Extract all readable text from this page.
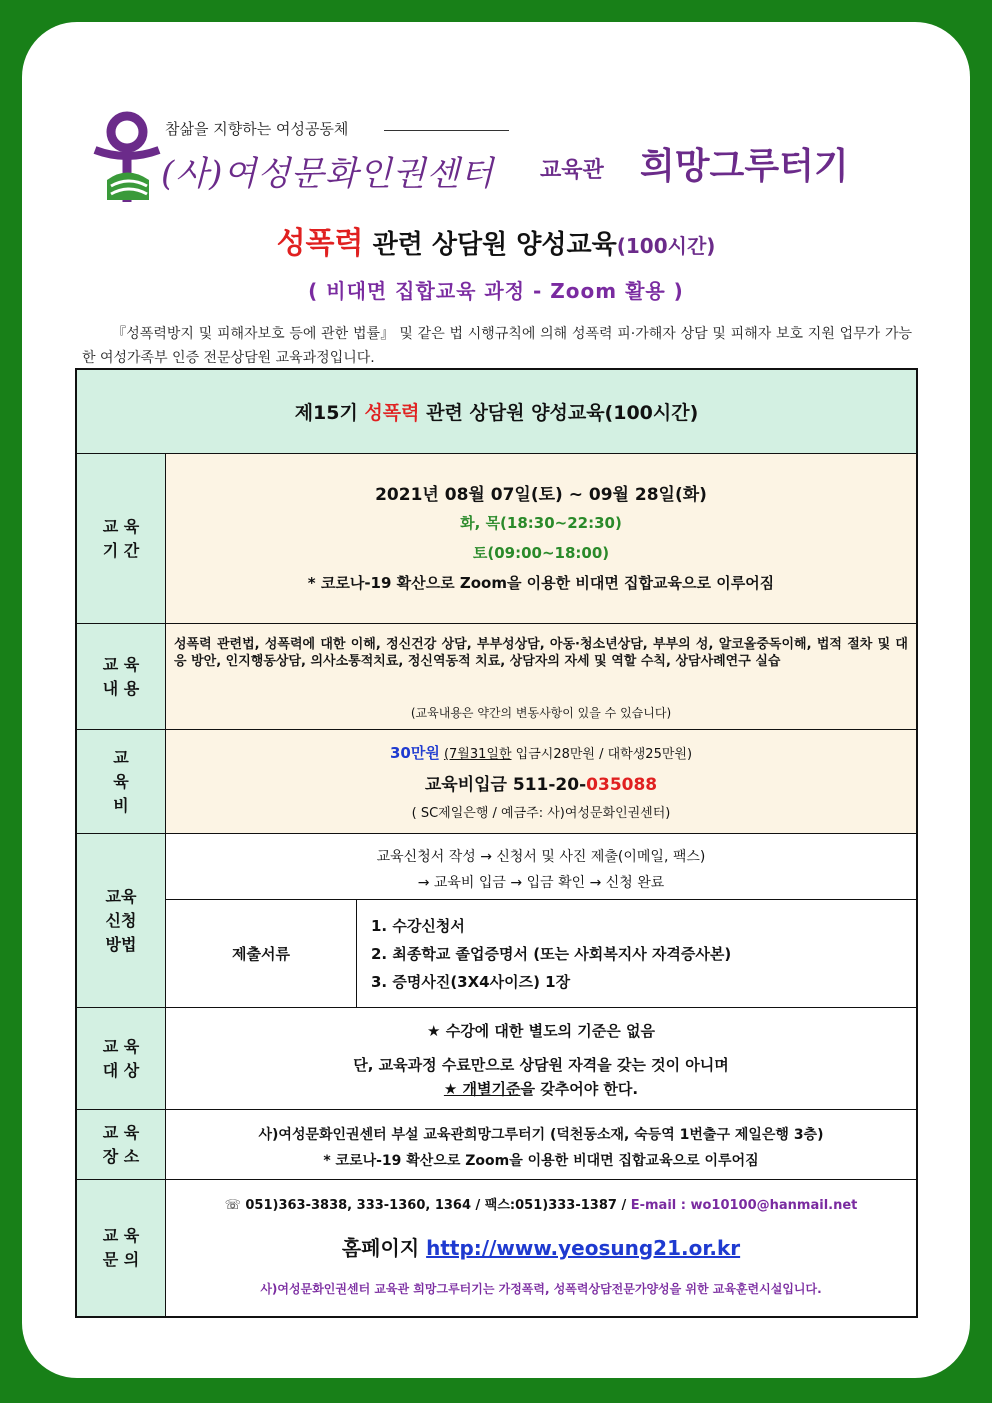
참삶을 지향하는 여성공동체
(사)여성문화인권센터 교육관 희망그루터기
성폭력 관련 상담원 양성교육(100시간)
( 비대면 집합교육 과정 - Zoom 활용 )
『성폭력방지 및 피해자보호 등에 관한 법률』 및 같은 법 시행규칙에 의해 성폭력 피·가해자 상담 및 피해자 보호 지원 업무가 가능한 여성가족부 인증 전문상담원 교육과정입니다.
제15기 성폭력 관련 상담원 양성교육(100시간)
교 육
기 간
2021년 08월 07일(토) ~ 09월 28일(화)
화, 목(18:30~22:30)
토(09:00~18:00)
* 코로나-19 확산으로 Zoom을 이용한 비대면 집합교육으로 이루어짐
교 육
내 용
성폭력 관련법, 성폭력에 대한 이해, 정신건강 상담, 부부성상담, 아동·청소년상담, 부부의 성, 알코올중독이해, 법적 절차 및 대응 방안, 인지행동상담, 의사소통적치료, 정신역동적 치료, 상담자의 자세 및 역할 수칙, 상담사례연구 실습
(교육내용은 약간의 변동사항이 있을 수 있습니다)
교
육
비
30만원 (7월31일한 입금시28만원 / 대학생25만원)
교육비입금 511-20-035088
( SC제일은행 / 예금주: 사)여성문화인권센터)
교육
신청
방법
교육신청서 작성 → 신청서 및 사진 제출(이메일, 팩스)
→ 교육비 입금 → 입금 확인 → 신청 완료
제출서류
1. 수강신청서
2. 최종학교 졸업증명서 (또는 사회복지사 자격증사본)
3. 증명사진(3X4사이즈) 1장
교 육
대 상
★ 수강에 대한 별도의 기준은 없음
단, 교육과정 수료만으로 상담원 자격을 갖는 것이 아니며
★ 개별기준을 갖추어야 한다.
교 육
장 소
사)여성문화인권센터 부설 교육관희망그루터기 (덕천동소재, 숙등역 1번출구 제일은행 3층)
* 코로나-19 확산으로 Zoom을 이용한 비대면 집합교육으로 이루어짐
교 육
문 의
☏ 051)363-3838, 333-1360, 1364 / 팩스:051)333-1387 / E-mail : wo10100@hanmail.net
홈페이지 http://www.yeosung21.or.kr
사)여성문화인권센터 교육관 희망그루터기는 가정폭력, 성폭력상담전문가양성을 위한 교육훈련시설입니다.
